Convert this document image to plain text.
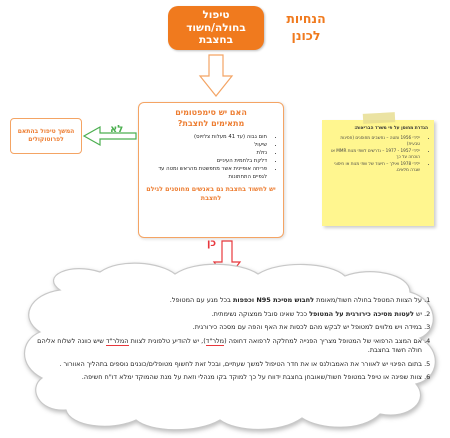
טיפול
בחולה/חשוד
בחצבת
הנחיות
לכונן
האם יש סימפטומים
מתאימים לחצבת?
• חום גבוה (עד 41 מעלות צלזיוס)
• שיעול
• נזלת
• דלקת בלחמית העיניים
• פריחה אופיינית אשר מתפשטת מהראש ומטה עד לגפיים התחתונות
יש לחשוד בחצבת גם באנשים מחוסנים לגילם לחצבת
לא
המשך טיפול בהתאם
לפרוטוקולים
כן
הגדרת מחוסן על פי משרד הבריאות:
• ילידי 1956 ומטה – נחשבים מחוסנים (חסינות טבעית)
• ילידי 1957 - 1977 – נדרשים לשתי מנות MMR או הוכחה על כך
• ילידי 1978 ואילך – תיעוד של שתי מנות או חיסוני שגרה מלאים.
1. על הצוות המטפל בחולה חשוד/מאומת לחבוש מסיכת N95 וכפפות בכל מגע עם המטופל.
2. יש לעטות מסיכה כירורגית על המטופל ככל שאינו סובל ממצוקה נשימתית.
3. במידה ויש מלווים למטופל יש לבקש מהם לכסות את האף והפה עם מסכה כירורגית.
4. אם המצב הרפואי של המטופל מצריך הפנייה למחלקה לרפואה דחופה (מלר"ד), יש להודיע טלפונית לצוות המלר"ד שיש כוונה לשלוח אליהם חולה חשוד בחצבת.
5. בתום הפינוי יש לאוורר את האמבולנס או את חדר הטיפול למשך שעתיים, ובכל זאת לחשוף מטופלים/כוננים נוספים בתהליך האוורור .
6. צוות שפינה או טיפל במטופל חשוד/שאובחן בחצבת ידווח על כך למוקד בקו מנהלי וזאת על מנת שהמוקד ימלא דו"ח חשיפה.
